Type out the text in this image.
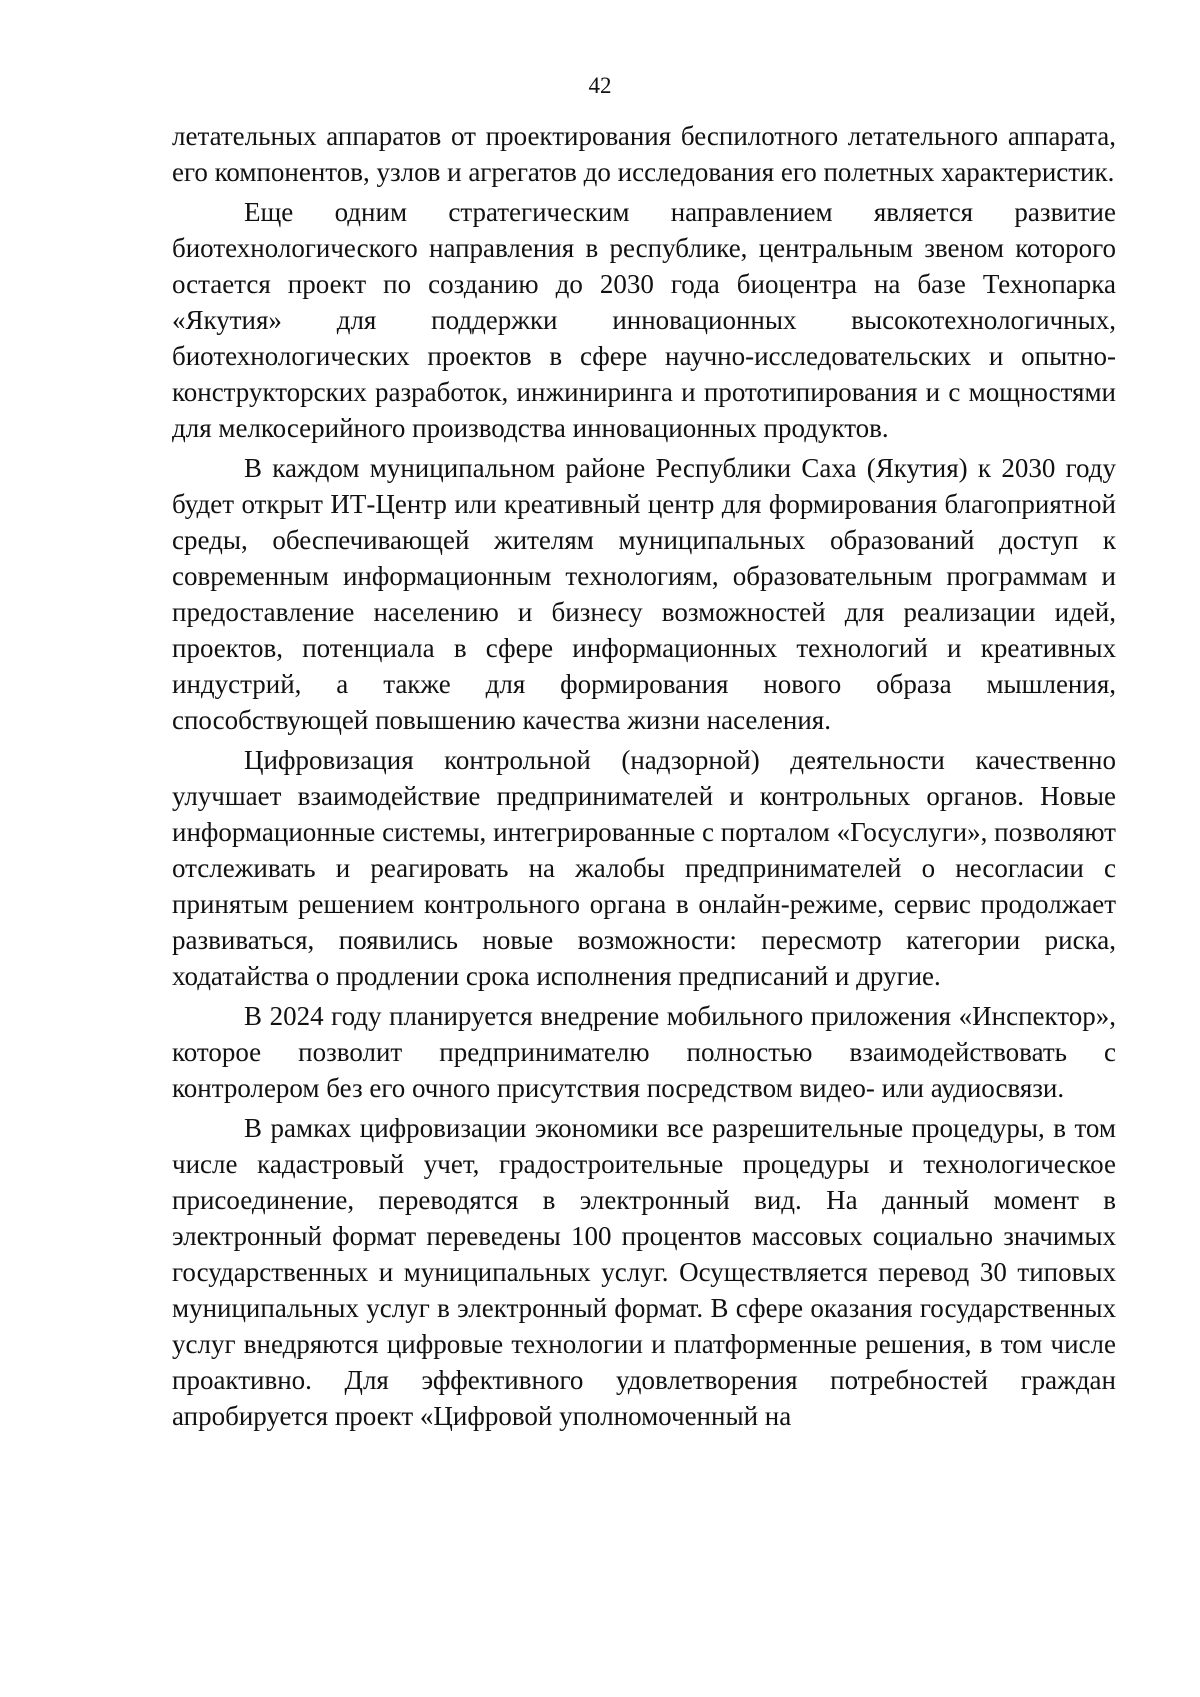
42

летательных аппаратов от проектирования беспилотного летательного аппарата, его компонентов, узлов и агрегатов до исследования его полетных характеристик.

Еще одним стратегическим направлением является развитие биотехнологического направления в республике, центральным звеном которого остается проект по созданию до 2030 года биоцентра на базе Технопарка «Якутия» для поддержки инновационных высокотехнологичных, биотехнологических проектов в сфере научно-исследовательских и опытно-конструкторских разработок, инжиниринга и прототипирования и с мощностями для мелкосерийного производства инновационных продуктов.

В каждом муниципальном районе Республики Саха (Якутия) к 2030 году будет открыт ИТ-Центр или креативный центр для формирования благоприятной среды, обеспечивающей жителям муниципальных образований доступ к современным информационным технологиям, образовательным программам и предоставление населению и бизнесу возможностей для реализации идей, проектов, потенциала в сфере информационных технологий и креативных индустрий, а также для формирования нового образа мышления, способствующей повышению качества жизни населения.

Цифровизация контрольной (надзорной) деятельности качественно улучшает взаимодействие предпринимателей и контрольных органов. Новые информационные системы, интегрированные с порталом «Госуслуги», позволяют отслеживать и реагировать на жалобы предпринимателей о несогласии с принятым решением контрольного органа в онлайн-режиме, сервис продолжает развиваться, появились новые возможности: пересмотр категории риска, ходатайства о продлении срока исполнения предписаний и другие.

В 2024 году планируется внедрение мобильного приложения «Инспектор», которое позволит предпринимателю полностью взаимодействовать с контролером без его очного присутствия посредством видео- или аудиосвязи.

В рамках цифровизации экономики все разрешительные процедуры, в том числе кадастровый учет, градостроительные процедуры и технологическое присоединение, переводятся в электронный вид. На данный момент в электронный формат переведены 100 процентов массовых социально значимых государственных и муниципальных услуг. Осуществляется перевод 30 типовых муниципальных услуг в электронный формат. В сфере оказания государственных услуг внедряются цифровые технологии и платформенные решения, в том числе проактивно. Для эффективного удовлетворения потребностей граждан апробируется проект «Цифровой уполномоченный на
